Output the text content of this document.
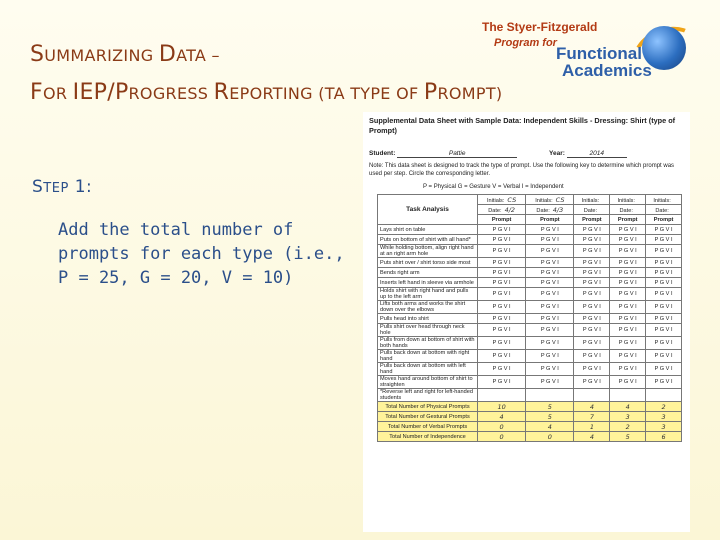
SUMMARIZING DATA –
FOR IEP/PROGRESS REPORTING (TA TYPE OF PROMPT)
The Styer-Fitzgerald
Program for
Functional
Academics
STEP 1:
Add the total number of prompts for each type (i.e., P = 25, G = 20, V = 10)
Supplemental Data Sheet with Sample Data: Independent Skills - Dressing: Shirt (type of Prompt)
Student:	Pattie	Year:	2014
Note: This data sheet is designed to track the type of prompt. Use the following key to determine which prompt was used per step. Circle the corresponding letter.
P = Physical G = Gesture V = Verbal I = Independent
Task Analysis	Initials: CS	Initials: CS	Initials:	Initials:	Initials:
	Date: 4/2	Date: 4/3	Date:	Date:	Date:
	Prompt	Prompt	Prompt	Prompt	Prompt
Lays shirt on table	P G V I	P G V I	P G V I	P G V I	P G V I
Puts on bottom of shirt with all hand*	P G V I	P G V I	P G V I	P G V I	P G V I
While holding bottom, align right hand at an right arm hole	P G V I	P G V I	P G V I	P G V I	P G V I
Puts shirt over / shirt torso side most	P G V I	P G V I	P G V I	P G V I	P G V I
Bends right arm	P G V I	P G V I	P G V I	P G V I	P G V I
Inserts left hand in sleeve via armhole	P G V I	P G V I	P G V I	P G V I	P G V I
Holds shirt with right hand and pulls up to the left arm	P G V I	P G V I	P G V I	P G V I	P G V I
Lifts both arms and works the shirt down over the elbows	P G V I	P G V I	P G V I	P G V I	P G V I
Pulls head into shirt	P G V I	P G V I	P G V I	P G V I	P G V I
Pulls shirt over head through neck hole	P G V I	P G V I	P G V I	P G V I	P G V I
Pulls from down at bottom of shirt with both hands	P G V I	P G V I	P G V I	P G V I	P G V I
Pulls back down at bottom with right hand	P G V I	P G V I	P G V I	P G V I	P G V I
Pulls back down at bottom with left hand	P G V I	P G V I	P G V I	P G V I	P G V I
Moves hand around bottom of shirt to straighten	P G V I	P G V I	P G V I	P G V I	P G V I
*Reverse left and right for left-handed students					
Total Number of Physical Prompts	10	5	4	4	2
Total Number of Gestural Prompts	4	5	7	3	3
Total Number of Verbal Prompts	0	4	1	2	3
Total Number of Independence	0	0	4	5	6
